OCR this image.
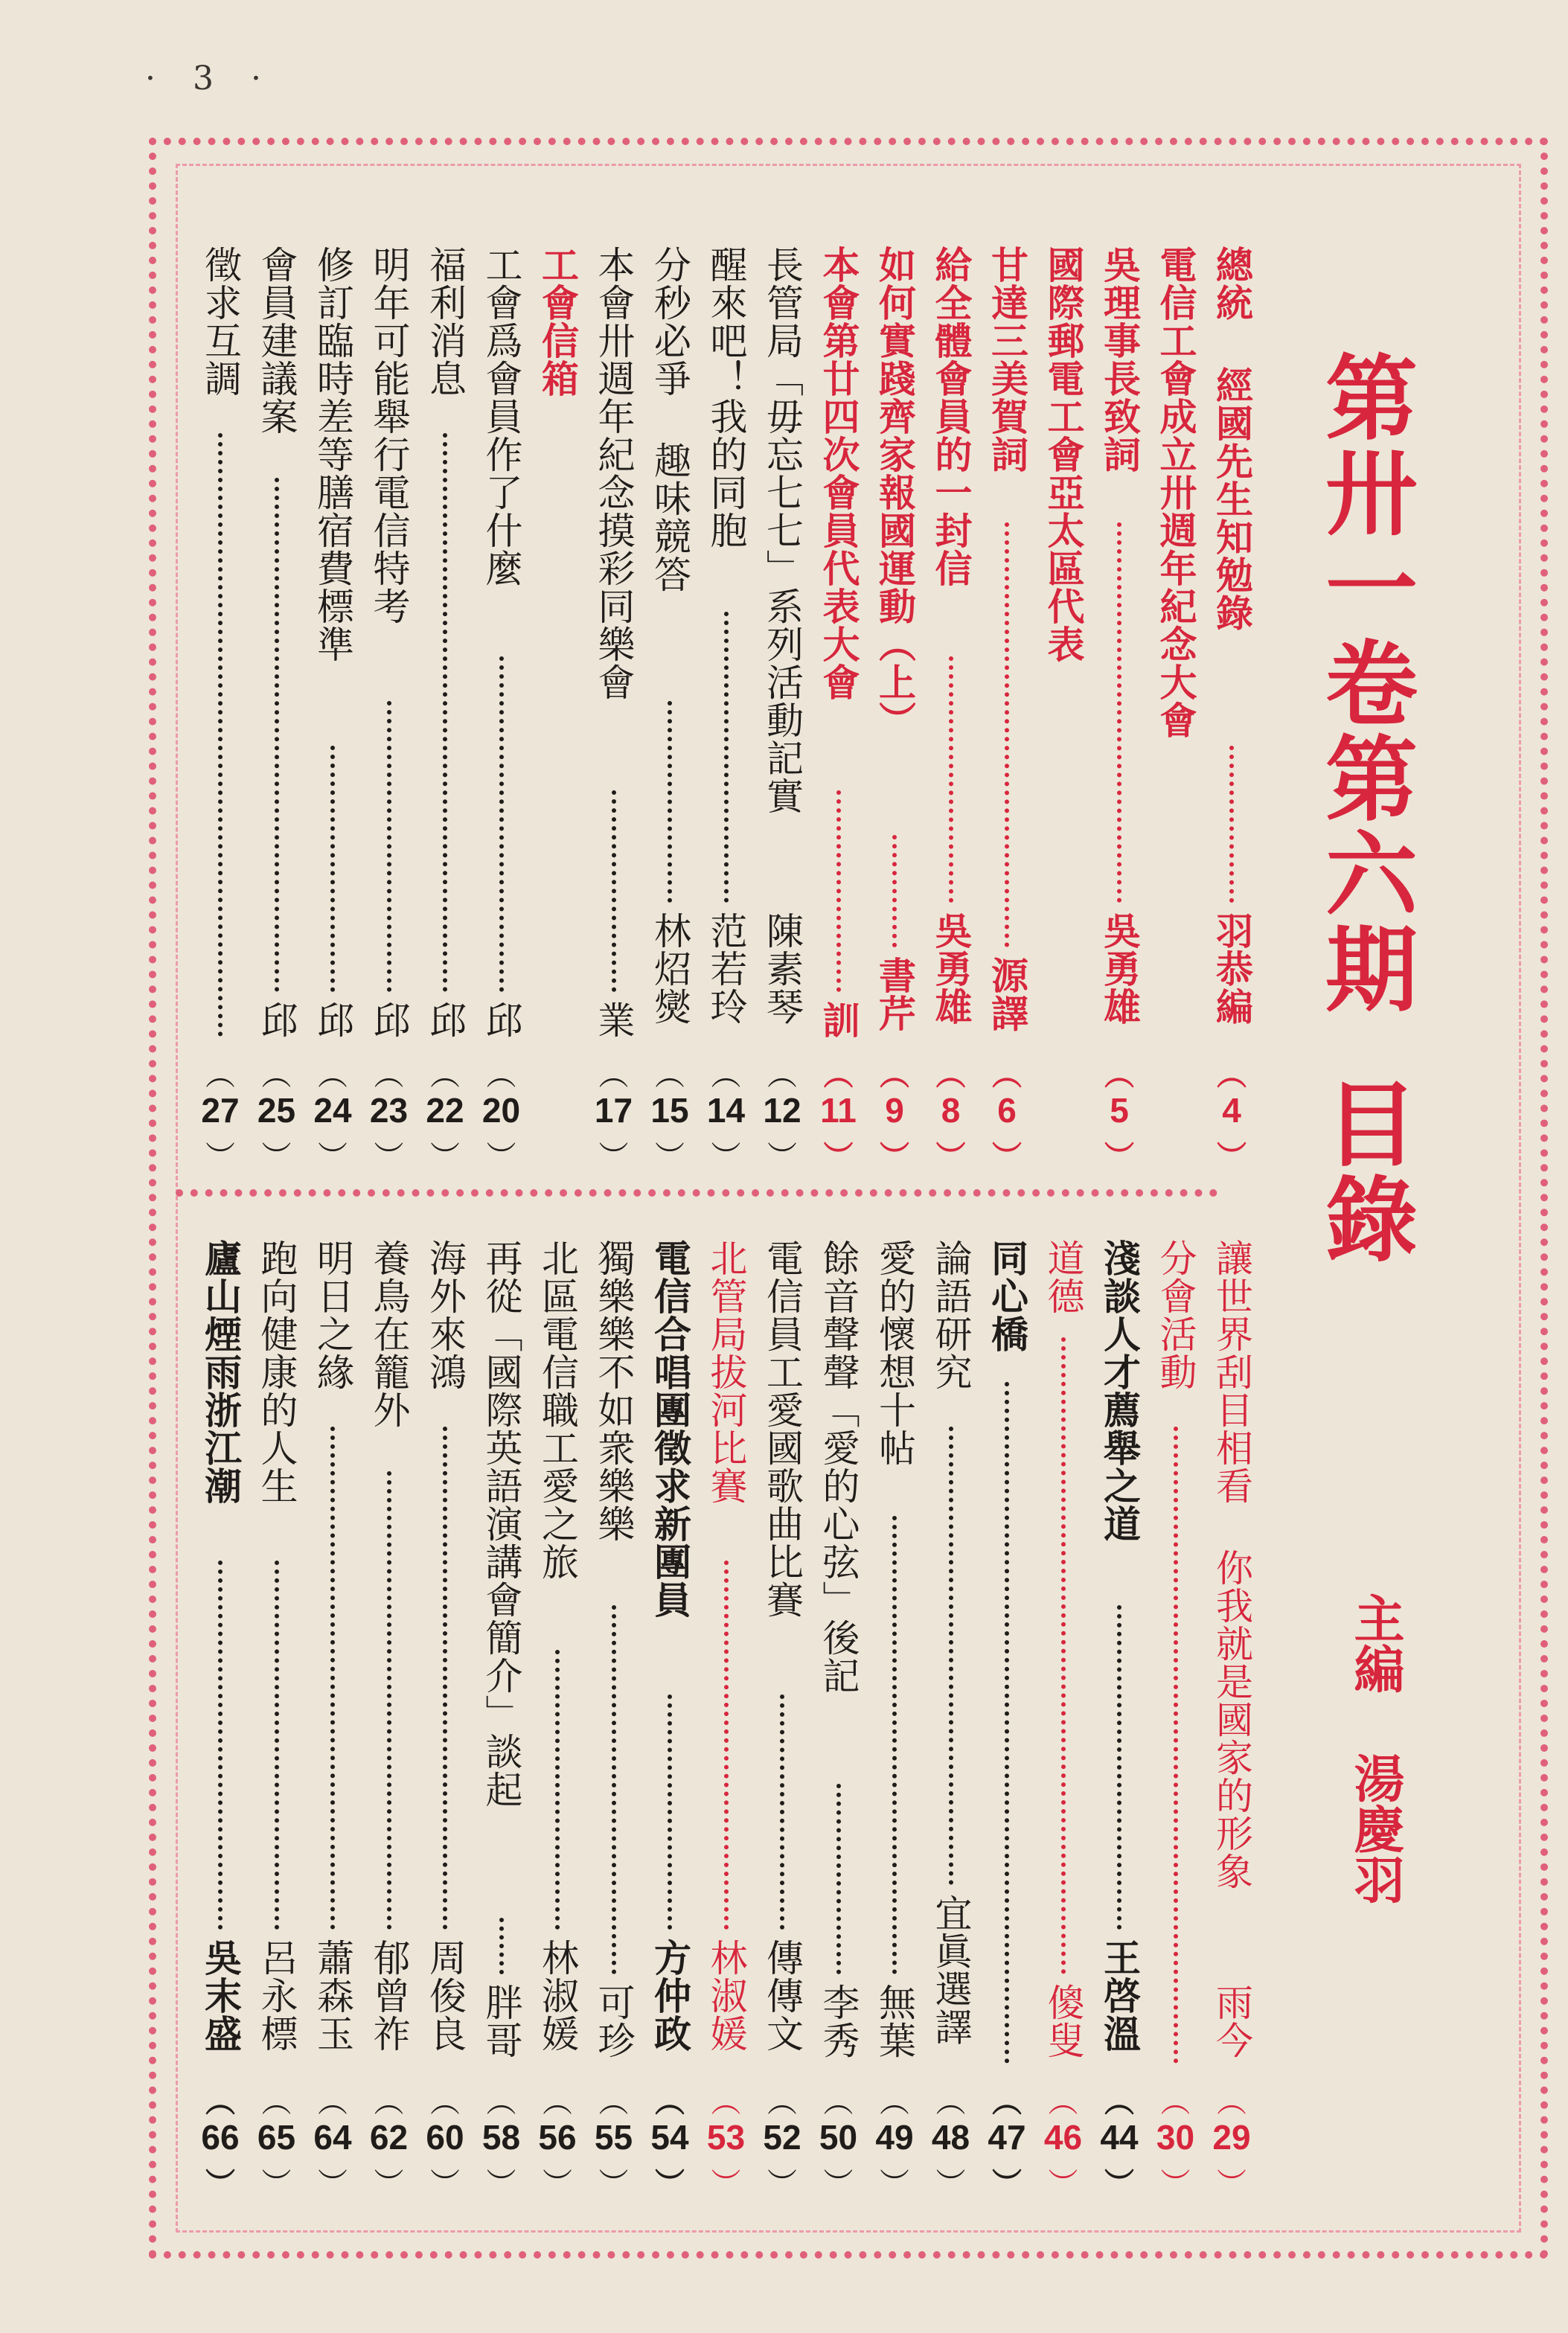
· 3 ·
第卅一卷第六期目錄
主編
湯慶羽
總統 經國先生知勉錄
羽恭編
︵
4
︶
電信工會成立卅週年紀念大會
吳理事長致詞
吳勇雄
︵
5
︶
國際郵電工會亞太區代表
甘達三美賀詞
源譯
︵
6
︶
給全體會員的一封信
吳勇雄
︵
8
︶
如何實踐齊家報國運動（上）
書芹
︵
9
︶
本會第廿四次會員代表大會
訓
︵
11
︶
長管局「毋忘七七」系列活動記實
陳素琴
︵
12
︶
醒來吧！我的同胞
范若玲
︵
14
︶
分秒必爭 趣味競答
林炤爕
︵
15
︶
本會卅週年紀念摸彩同樂會
業
︵
17
︶
工會信箱
工會爲會員作了什麼
邱
︵
20
︶
福利消息
邱
︵
22
︶
明年可能舉行電信特考
邱
︵
23
︶
修訂臨時差等膳宿費標準
邱
︵
24
︶
會員建議案
邱
︵
25
︶
徵求互調
︵
27
︶
讓世界刮目相看 你我就是國家的形象
雨今
︵
29
︶
分會活動
︵
30
︶
淺談人才薦舉之道
王啓溫
︵
44
︶
道德
傻叟
︵
46
︶
同心橋
︵
47
︶
論語研究
宜眞選譯
︵
48
︶
愛的懷想十帖
無葉
︵
49
︶
餘音聲聲「愛的心弦」後記
李秀
︵
50
︶
電信員工愛國歌曲比賽
傳傳文
︵
52
︶
北管局拔河比賽
林淑媛
︵
53
︶
電信合唱團徵求新團員
方仲政
︵
54
︶
獨樂樂不如衆樂樂
可珍
︵
55
︶
北區電信職工愛之旅
林淑媛
︵
56
︶
再從「國際英語演講會簡介」談起
胖哥
︵
58
︶
海外來鴻
周俊良
︵
60
︶
養鳥在籠外
郁曾祚
︵
62
︶
明日之緣
蕭森玉
︵
64
︶
跑向健康的人生
呂永標
︵
65
︶
廬山煙雨浙江潮
吳末盛
︵
66
︶
